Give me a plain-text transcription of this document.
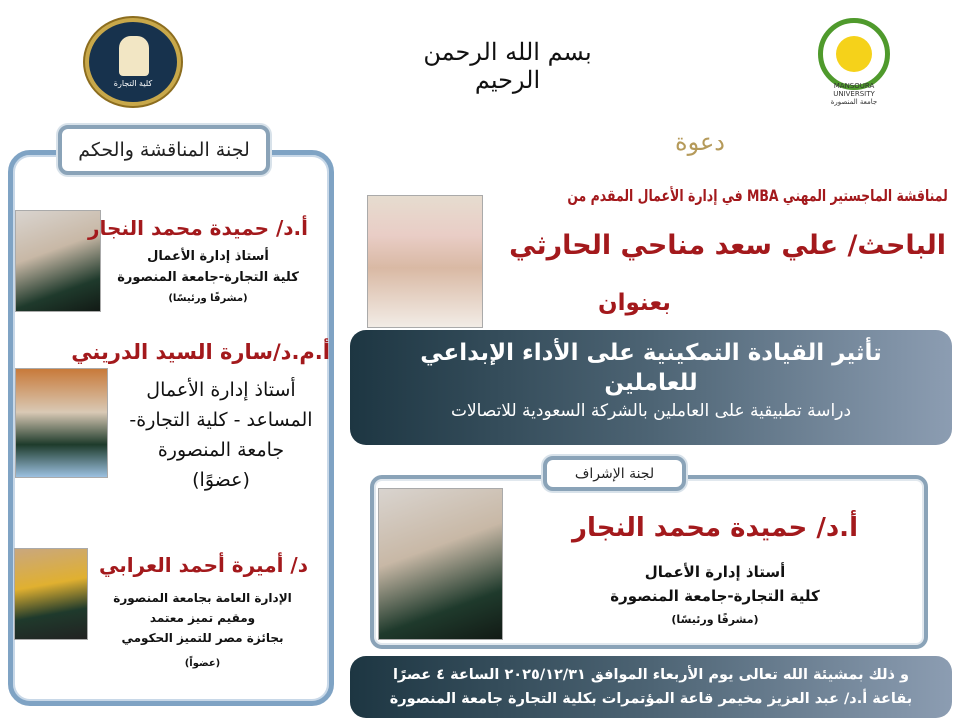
كلية التجارة
بسم الله الرحمن الرحيم	MANSOURA UNIVERSITY
جامعة المنصورة
لجنة المناقشة والحكم
أ.د/ حميدة محمد النجار
أستاذ إدارة الأعمال
كلية التجارة-جامعة المنصورة
(مشرفًا ورئيسًا)
أ.م.د/سارة السيد الدريني
أستاذ إدارة الأعمال
المساعد - كلية التجارة-
جامعة المنصورة
(عضوًا)
د/ أميرة أحمد العرابي
الإدارة العامة بجامعة المنصورة
ومقيم تميز معتمد
بجائزة مصر للتميز الحكومي
(عضواً)
دعوة
لمناقشة الماجستير المهني MBA في إدارة الأعمال المقدم من
الباحث/ علي سعد مناحي الحارثي
بعنوان
تأثير القيادة التمكينية على الأداء الإبداعي
للعاملين
دراسة تطبيقية على العاملين بالشركة السعودية للاتصالات
لجنة الإشراف
أ.د/ حميدة محمد النجار
أستاذ إدارة الأعمال
كلية التجارة-جامعة المنصورة
(مشرفًا ورئيسًا)
و ذلك بمشيئة الله تعالى يوم الأربعاء الموافق ٢٠٢٥/١٢/٣١ الساعة ٤ عصرًا
بقاعة أ.د/ عبد العزيز مخيمر قاعة المؤتمرات بكلية التجارة جامعة المنصورة
